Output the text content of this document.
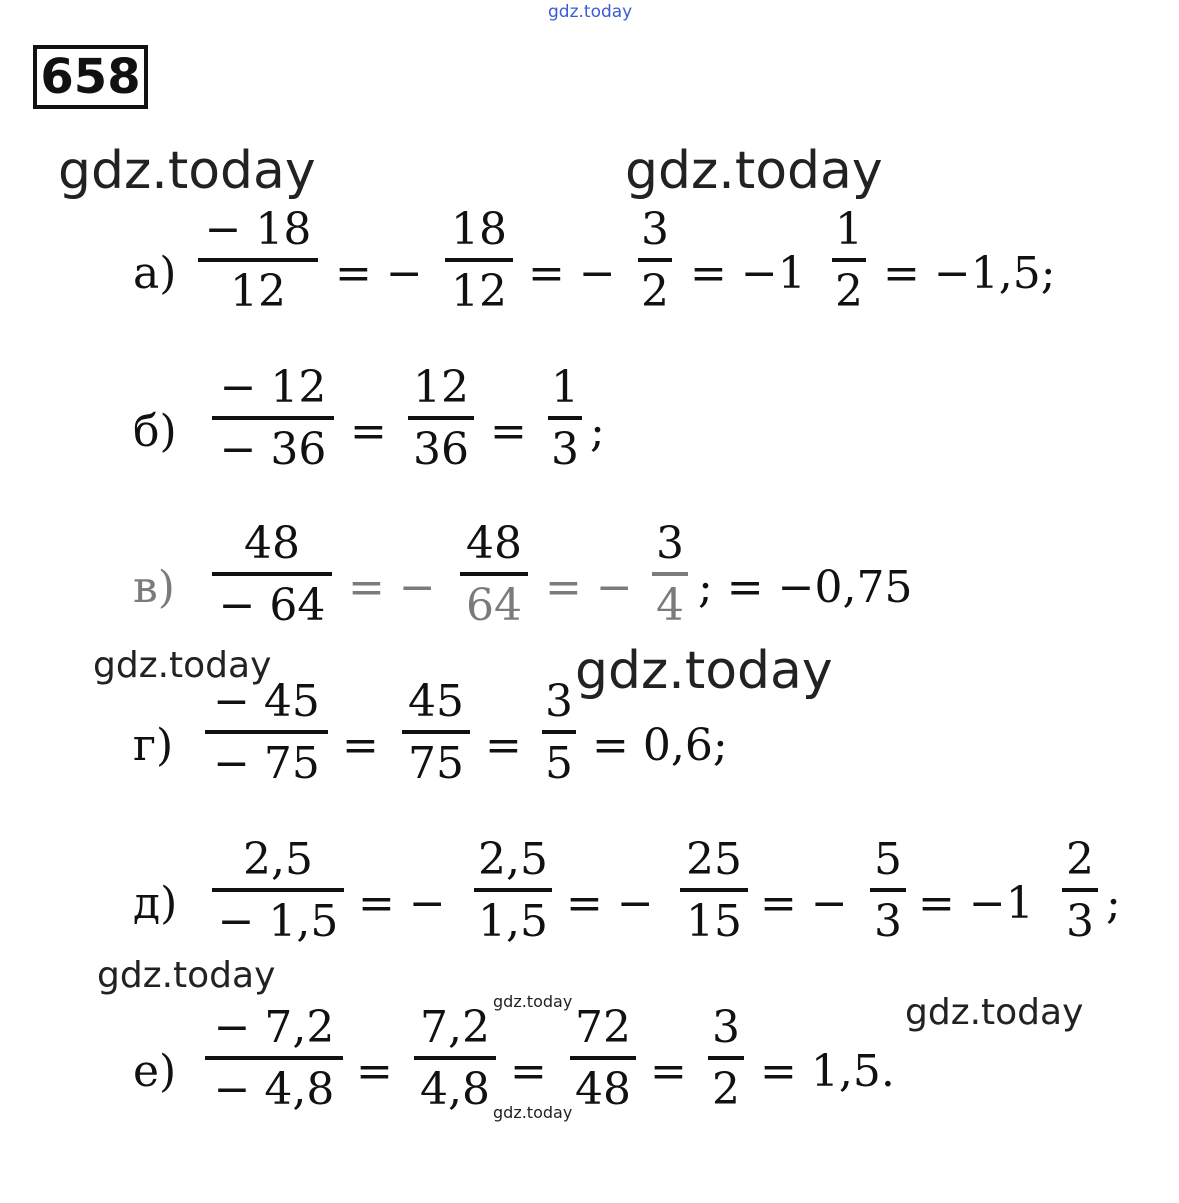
gdz.today
gdz.today	gdz.today
gdz.today	gdz.today
gdz.today
gdz.today
gdz.today
gdz.today
658
а)
− 18
12 = −
18
12 = −
3
2 = −1
1
2 = −1,5;
б)
− 12
− 36 =
12
36 =
1
3 ;
в)
48
− 64 = −
48
64 = −
3
4 ; = −0,75
г)
− 45
− 75 =
45
75 =
3
5 = 0,6;
д)
2,5
− 1,5 = −
2,5
1,5 = −
25
15 = −
5
3 = −1
2
3 ;
е)
− 7,2
− 4,8 =
7,2
4,8 =
72
48 =
3
2 = 1,5.
